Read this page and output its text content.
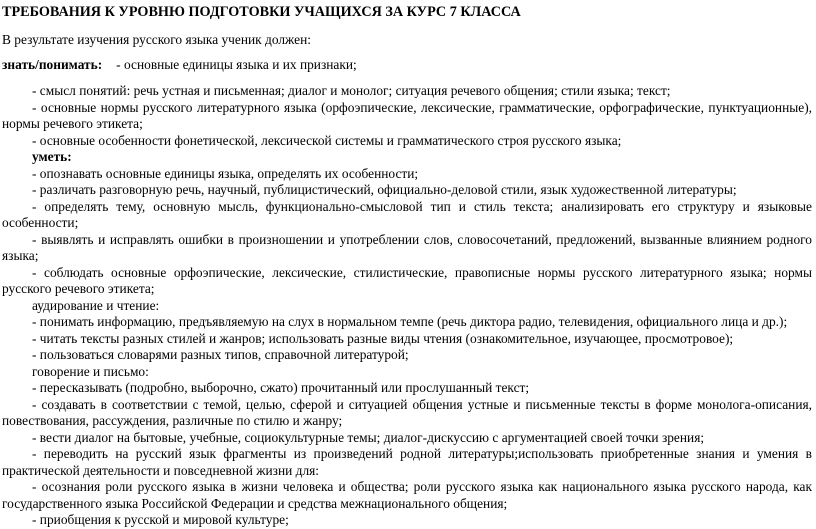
ТРЕБОВАНИЯ К УРОВНЮ ПОДГОТОВКИ УЧАЩИХСЯ ЗА КУРС 7 КЛАССА
В результате изучения русского языка ученик должен:
знать/понимать: - основные единицы языка и их признаки;
- смысл понятий: речь устная и письменная; диалог и монолог; ситуация речевого общения; стили языка; текст;
- основные нормы русского литературного языка (орфоэпические, лексические, грамматические, орфографические, пунктуационные), нормы речевого этикета;
- основные особенности фонетической, лексической системы и грамматического строя русского языка;
уметь:
- опознавать основные единицы языка, определять их особенности;
- различать разговорную речь, научный, публицистический, официально-деловой стили, язык художественной литературы;
- определять тему, основную мысль, функционально-смысловой тип и стиль текста; анализировать его структуру и языковые особенности;
- выявлять и исправлять ошибки в произношении и употреблении слов, словосочетаний, предложений, вызванные влиянием родного языка;
- соблюдать основные орфоэпические, лексические, стилистические, правописные нормы русского литературного языка; нормы русского речевого этикета;
аудирование и чтение:
- понимать информацию, предъявляемую на слух в нормальном темпе (речь диктора радио, телевидения, официального лица и др.);
- читать тексты разных стилей и жанров; использовать разные виды чтения (ознакомительное, изучающее, просмотровое);
- пользоваться словарями разных типов, справочной литературой;
говорение и письмо:
- пересказывать (подробно, выборочно, сжато) прочитанный или прослушанный текст;
- создавать в соответствии с темой, целью, сферой и ситуацией общения устные и письменные тексты в форме монолога-описания, повествования, рассуждения, различные по стилю и жанру;
- вести диалог на бытовые, учебные, социокультурные темы; диалог-дискуссию с аргументацией своей точки зрения;
- переводить на русский язык фрагменты из произведений родной литературы;использовать приобретенные знания и умения в практической деятельности и повседневной жизни для:
- осознания роли русского языка в жизни человека и общества; роли русского языка как национального языка русского народа, как государственного языка Российской Федерации и средства межнационального общения;
- приобщения к русской и мировой культуре;
